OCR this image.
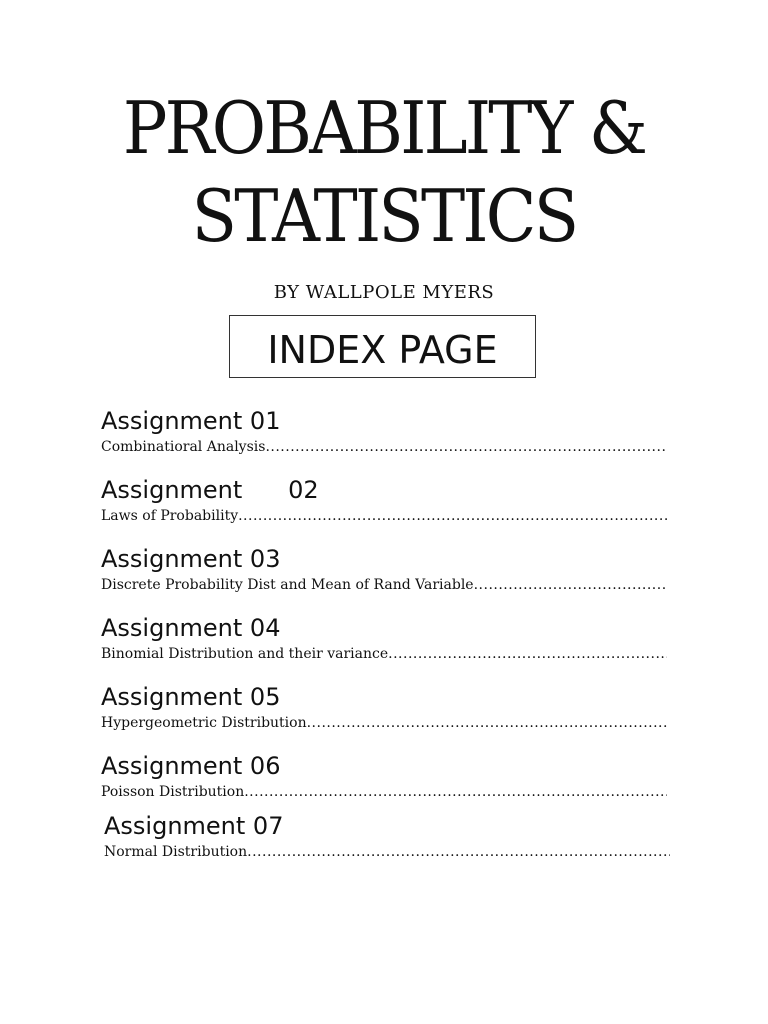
PROBABILITY &
STATISTICS
BY WALLPOLE MYERS
INDEX PAGE
Assignment 01
Combinatioral Analysis
.....
Assignment      02
Laws of Probability
.....
Assignment 03
Discrete Probability Dist and Mean of Rand Variable
.....
Assignment 04
Binomial Distribution and their variance
.....
Assignment 05
Hypergeometric Distribution
.....
Assignment 06
Poisson Distribution
.....
Assignment 07
Normal Distribution
.....
